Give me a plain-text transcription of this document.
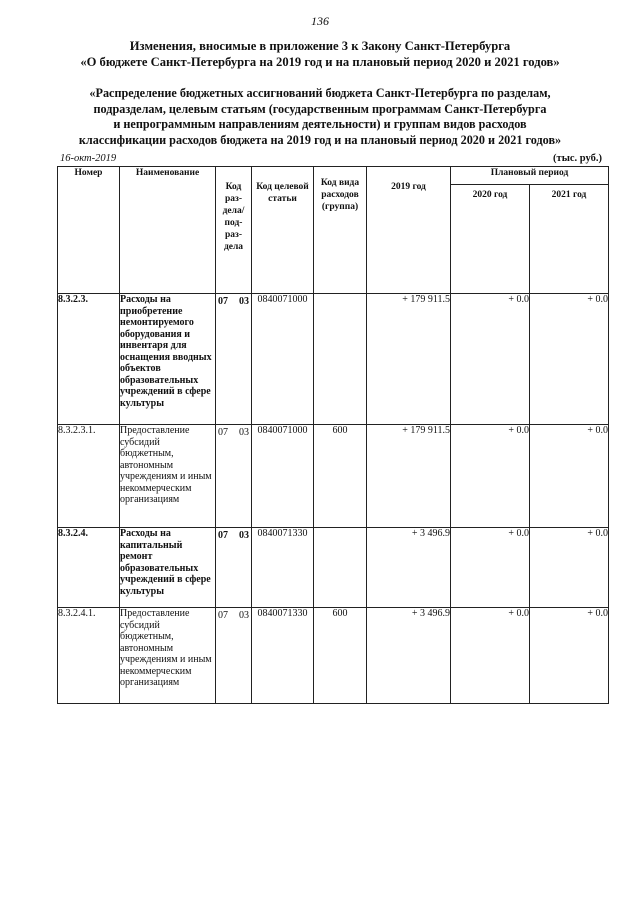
136
Изменения, вносимые в приложение 3 к Закону Санкт-Петербурга
«О бюджете Санкт-Петербурга на 2019 год и на плановый период 2020 и 2021 годов»
«Распределение бюджетных ассигнований бюджета Санкт-Петербурга по разделам,
подразделам, целевым статьям (государственным программам Санкт-Петербурга
и непрограммным направлениям деятельности) и группам видов расходов
классификации расходов бюджета на 2019 год и на плановый период 2020 и 2021 годов»
16-окт-2019	(тыс. руб.)
Номер	Наименование	Код раз- дела/ под- раз- дела	Код целевой статьи	Код вида расходов (группа)	2019 год	Плановый период	
						2020 год	2021 год
8.3.2.3.	Расходы на приобретение немонтируемого оборудования и инвентаря для оснащения вводных объектов образовательных учреждений в сфере культуры	07 03	0840071000		+ 179 911.5	+ 0.0	+ 0.0
8.3.2.3.1.	Предоставление субсидий бюджетным, автономным учреждениям и иным некоммерческим организациям	07 03	0840071000	600	+ 179 911.5	+ 0.0	+ 0.0
8.3.2.4.	Расходы на капитальный ремонт образовательных учреждений в сфере культуры	07 03	0840071330		+ 3 496.9	+ 0.0	+ 0.0
8.3.2.4.1.	Предоставление субсидий бюджетным, автономным учреждениям и иным некоммерческим организациям	07 03	0840071330	600	+ 3 496.9	+ 0.0	+ 0.0
